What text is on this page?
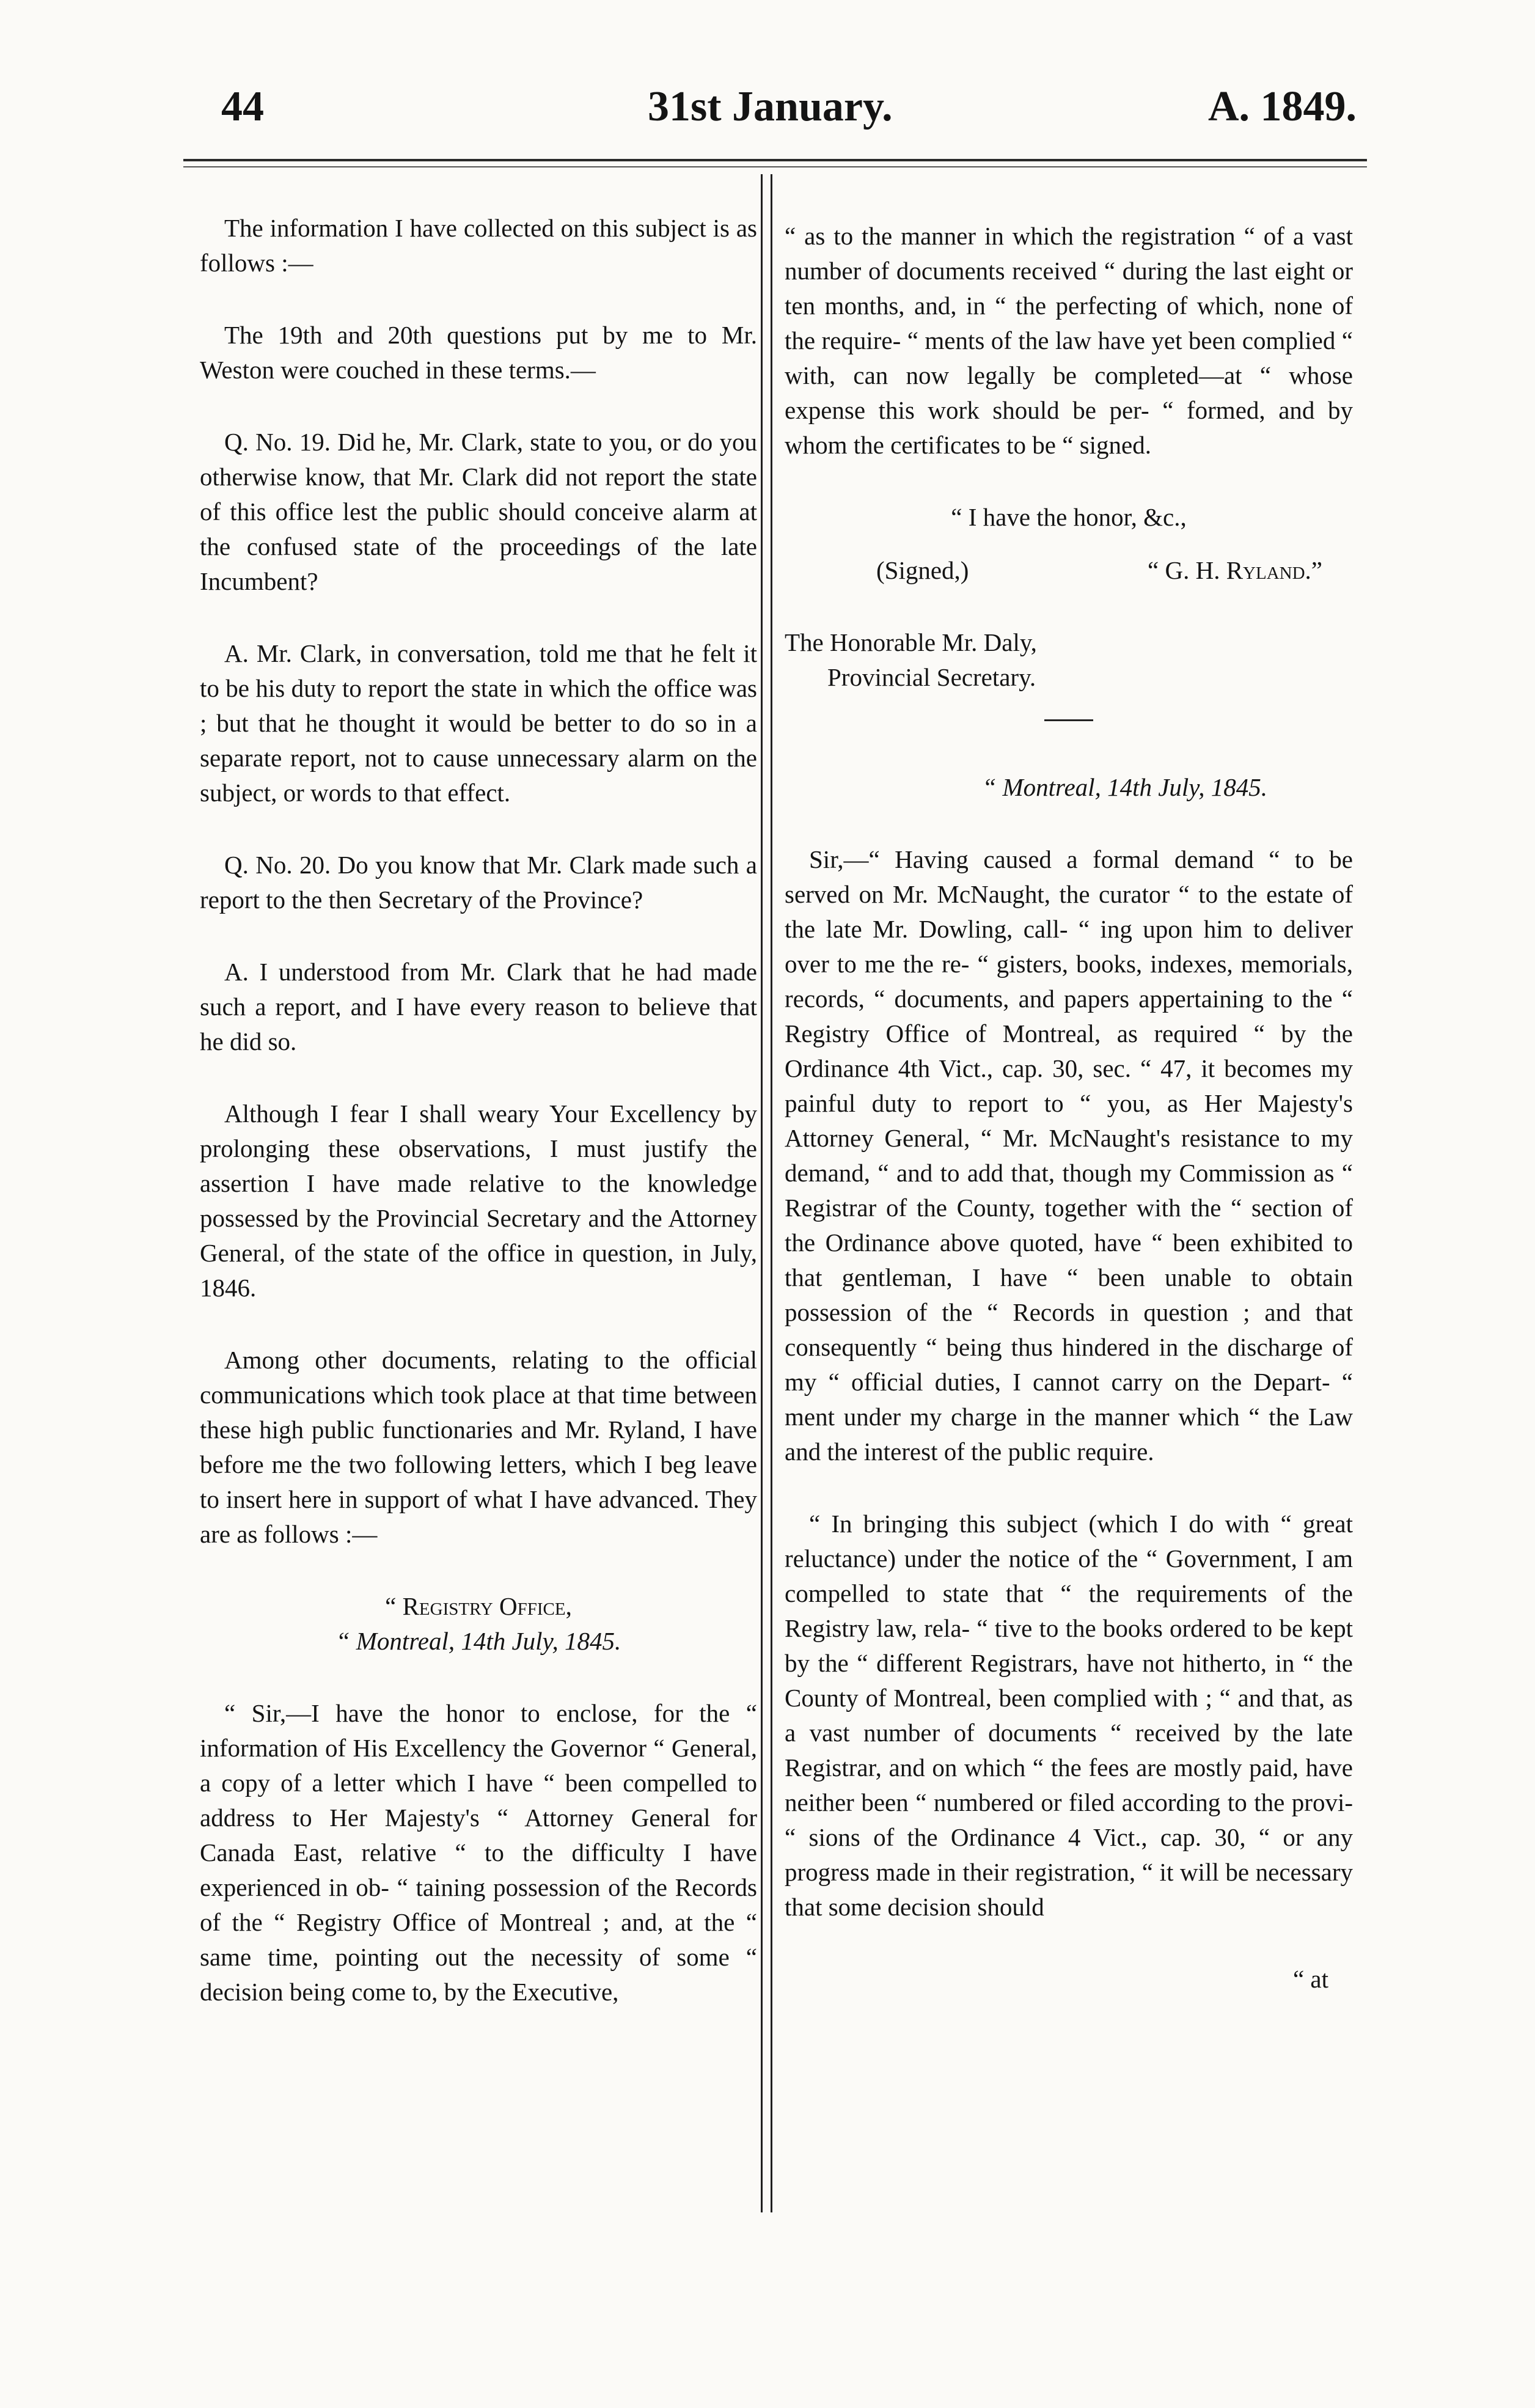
44	31st January.	A. 1849.

The information I have collected on this subject is as follows :—

The 19th and 20th questions put by me to Mr. Weston were couched in these terms.—

Q. No. 19. Did he, Mr. Clark, state to you, or do you otherwise know, that Mr. Clark did not report the state of this office lest the public should conceive alarm at the confused state of the proceedings of the late Incumbent?

A. Mr. Clark, in conversation, told me that he felt it to be his duty to report the state in which the office was ; but that he thought it would be better to do so in a separate report, not to cause unnecessary alarm on the subject, or words to that effect.

Q. No. 20. Do you know that Mr. Clark made such a report to the then Secretary of the Province?

A. I understood from Mr. Clark that he had made such a report, and I have every reason to believe that he did so.

Although I fear I shall weary Your Excellency by prolonging these observations, I must justify the assertion I have made relative to the knowledge possessed by the Provincial Secretary and the Attorney General, of the state of the office in question, in July, 1846.

Among other documents, relating to the official communications which took place at that time between these high public functionaries and Mr. Ryland, I have before me the two following letters, which I beg leave to insert here in support of what I have advanced. They are as follows :—

“ Registry Office,

“ Montreal, 14th July, 1845.

“ Sir,—I have the honor to enclose, for the “ information of His Excellency the Governor “ General, a copy of a letter which I have “ been compelled to address to Her Majesty's “ Attorney General for Canada East, relative “ to the difficulty I have experienced in ob- “ taining possession of the Records of the “ Registry Office of Montreal ; and, at the “ same time, pointing out the necessity of some “ decision being come to, by the Executive,

“ as to the manner in which the registration “ of a vast number of documents received “ during the last eight or ten months, and, in “ the perfecting of which, none of the require- “ ments of the law have yet been complied “ with, can now legally be completed—at “ whose expense this work should be per- “ formed, and by whom the certificates to be “ signed.

“ I have the honor, &c.,

(Signed,)	“ G. H. Ryland.”

The Honorable Mr. Daly,

Provincial Secretary.

“ Montreal, 14th July, 1845.

Sir,—“ Having caused a formal demand “ to be served on Mr. McNaught, the curator “ to the estate of the late Mr. Dowling, call- “ ing upon him to deliver over to me the re- “ gisters, books, indexes, memorials, records, “ documents, and papers appertaining to the “ Registry Office of Montreal, as required “ by the Ordinance 4th Vict., cap. 30, sec. “ 47, it becomes my painful duty to report to “ you, as Her Majesty's Attorney General, “ Mr. McNaught's resistance to my demand, “ and to add that, though my Commission as “ Registrar of the County, together with the “ section of the Ordinance above quoted, have “ been exhibited to that gentleman, I have “ been unable to obtain possession of the “ Records in question ; and that consequently “ being thus hindered in the discharge of my “ official duties, I cannot carry on the Depart- “ ment under my charge in the manner which “ the Law and the interest of the public require.

“ In bringing this subject (which I do with “ great reluctance) under the notice of the “ Government, I am compelled to state that “ the requirements of the Registry law, rela- “ tive to the books ordered to be kept by the “ different Registrars, have not hitherto, in “ the County of Montreal, been complied with ; “ and that, as a vast number of documents “ received by the late Registrar, and on which “ the fees are mostly paid, have neither been “ numbered or filed according to the provi- “ sions of the Ordinance 4 Vict., cap. 30, “ or any progress made in their registration, “ it will be necessary that some decision should

“ at
